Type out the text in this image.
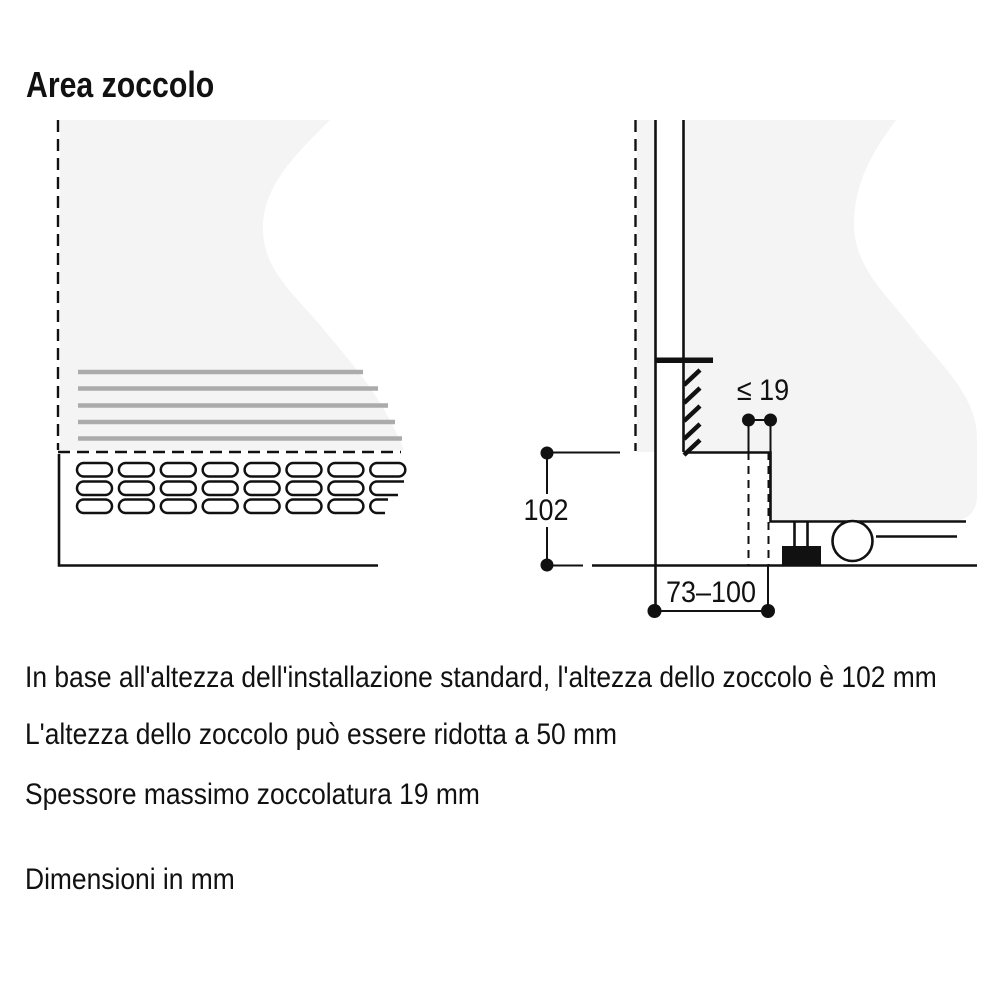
Area zoccolo
102
≤ 19
73–100
In base all'altezza dell'installazione standard, l'altezza dello zoccolo è 102 mm
L'altezza dello zoccolo può essere ridotta a 50 mm
Spessore massimo zoccolatura 19 mm
Dimensioni in mm
